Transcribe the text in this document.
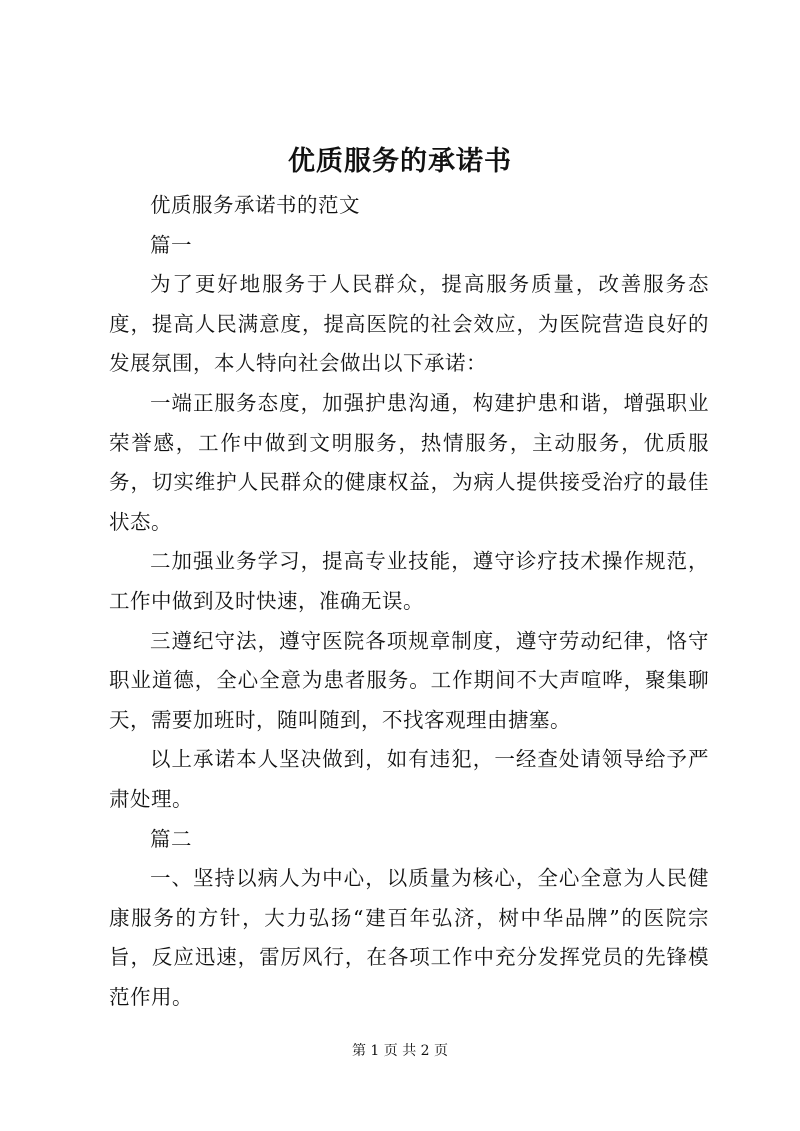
优质服务的承诺书

优质服务承诺书的范文

篇一

为了更好地服务于人民群众，提高服务质量，改善服务态度，提高人民满意度，提高医院的社会效应，为医院营造良好的发展氛围，本人特向社会做出以下承诺：

一端正服务态度，加强护患沟通，构建护患和谐，增强职业荣誉感，工作中做到文明服务，热情服务，主动服务，优质服务，切实维护人民群众的健康权益，为病人提供接受治疗的最佳状态。

二加强业务学习，提高专业技能，遵守诊疗技术操作规范，工作中做到及时快速，准确无误。

三遵纪守法，遵守医院各项规章制度，遵守劳动纪律，恪守职业道德，全心全意为患者服务。工作期间不大声喧哗，聚集聊天，需要加班时，随叫随到，不找客观理由搪塞。

以上承诺本人坚决做到，如有违犯，一经查处请领导给予严肃处理。

篇二

一、坚持以病人为中心，以质量为核心，全心全意为人民健康服务的方针，大力弘扬“建百年弘济，树中华品牌”的医院宗旨，反应迅速，雷厉风行，在各项工作中充分发挥党员的先锋模范作用。

第 1 页 共 2 页
